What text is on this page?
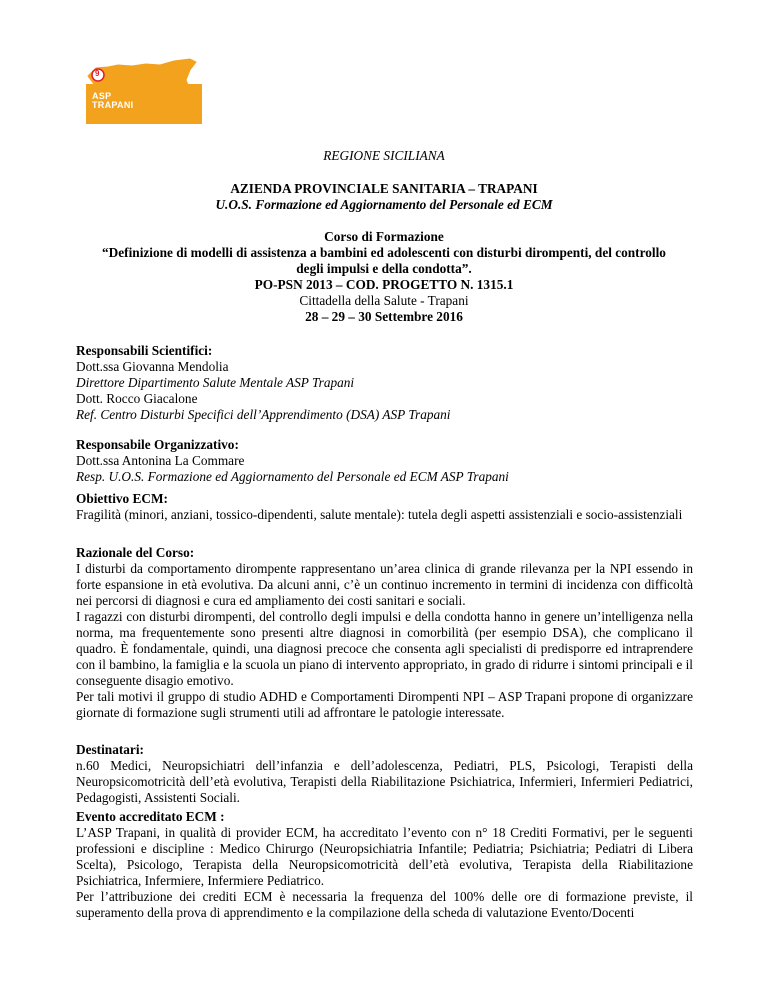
9
ASP
TRAPANI
AZIENDA SANITARIA PROVINCIALE
REGIONE SICILIANA
AZIENDA PROVINCIALE SANITARIA – TRAPANI
U.O.S. Formazione ed Aggiornamento del Personale ed ECM
Corso di Formazione
“Definizione di modelli di assistenza a bambini ed adolescenti con disturbi dirompenti, del controllo
degli impulsi e della condotta”.
PO-PSN 2013 – COD. PROGETTO N. 1315.1
Cittadella della Salute - Trapani
28 – 29 – 30 Settembre 2016

Responsabili Scientifici:

Dott.ssa Giovanna Mendolia

Direttore Dipartimento Salute Mentale ASP Trapani

Dott. Rocco Giacalone

Ref. Centro Disturbi Specifici dell’Apprendimento (DSA) ASP Trapani

Responsabile Organizzativo:

Dott.ssa Antonina La Commare

Resp. U.O.S. Formazione ed Aggiornamento del Personale ed ECM ASP Trapani

Obiettivo ECM:

Fragilità (minori, anziani, tossico-dipendenti, salute mentale): tutela degli aspetti assistenziali e socio-assistenziali

Razionale del Corso:

I disturbi da comportamento dirompente rappresentano un’area clinica di grande rilevanza per la NPI essendo in forte espansione in età evolutiva. Da alcuni anni, c’è un continuo incremento in termini di incidenza con difficoltà nei percorsi di diagnosi e cura ed ampliamento dei costi sanitari e sociali.

I ragazzi con disturbi dirompenti, del controllo degli impulsi e della condotta hanno in genere un’intelligenza nella norma, ma frequentemente sono presenti altre diagnosi in comorbilità (per esempio DSA), che complicano il quadro. È fondamentale, quindi, una diagnosi precoce che consenta agli specialisti di predisporre ed intraprendere con il bambino, la famiglia e la scuola un piano di intervento appropriato, in grado di ridurre i sintomi principali e il conseguente disagio emotivo.

Per tali motivi il gruppo di studio ADHD e Comportamenti Dirompenti NPI – ASP Trapani propone di organizzare giornate di formazione sugli strumenti utili ad affrontare le patologie interessate.

Destinatari:

n.60 Medici, Neuropsichiatri dell’infanzia e dell’adolescenza, Pediatri, PLS, Psicologi, Terapisti della Neuropsicomotricità dell’età evolutiva, Terapisti della Riabilitazione Psichiatrica, Infermieri, Infermieri Pediatrici, Pedagogisti, Assistenti Sociali.

Evento accreditato ECM :

L’ASP Trapani, in qualità di provider ECM, ha accreditato l’evento con n° 18 Crediti Formativi, per le seguenti professioni e discipline : Medico Chirurgo (Neuropsichiatria Infantile; Pediatria; Psichiatria; Pediatri di Libera Scelta), Psicologo, Terapista della Neuropsicomotricità dell’età evolutiva, Terapista della Riabilitazione Psichiatrica, Infermiere, Infermiere Pediatrico.

Per l’attribuzione dei crediti ECM è necessaria la frequenza del 100% delle ore di formazione previste, il superamento della prova di apprendimento e la compilazione della scheda di valutazione Evento/Docenti
